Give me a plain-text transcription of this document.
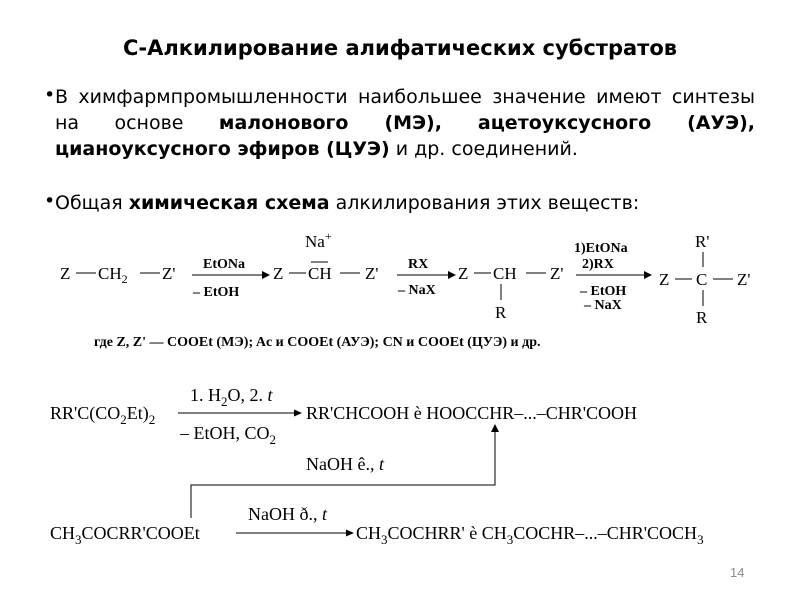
С-Алкилирование алифатических субстратов
• В химфармпромышленности наибольшее значение имеют синтезы на основе малонового (МЭ), ацетоуксусного (АУЭ), цианоуксусного эфиров (ЦУЭ) и др. соединений.
• Общая химическая схема алкилирования этих веществ:
Z $CH_2$ Z' EtONa
– EtOH
Z CH
Na+
Z' RX
– NaX
Z CH Z'
R
1)EtONa
2)RX
– EtOH
– NaX
R'
Z C Z'
R
где Z, Z' — COOEt (МЭ); Ac и COOEt (АУЭ); CN и COOEt (ЦУЭ) и др.
$RR'C(CO_2Et)_2$
1. $H_2O$, 2. t
– EtOH, $CO_2$
RR'CHCOOH è HOOCCHR–...–CHR'COOH
NaOH ê., t
$CH_3COCRR'COOEt$
NaOH ð., t
$CH_3COCHRR'$ è $CH_3COCHR-...-CHR'COCH_3$
14
